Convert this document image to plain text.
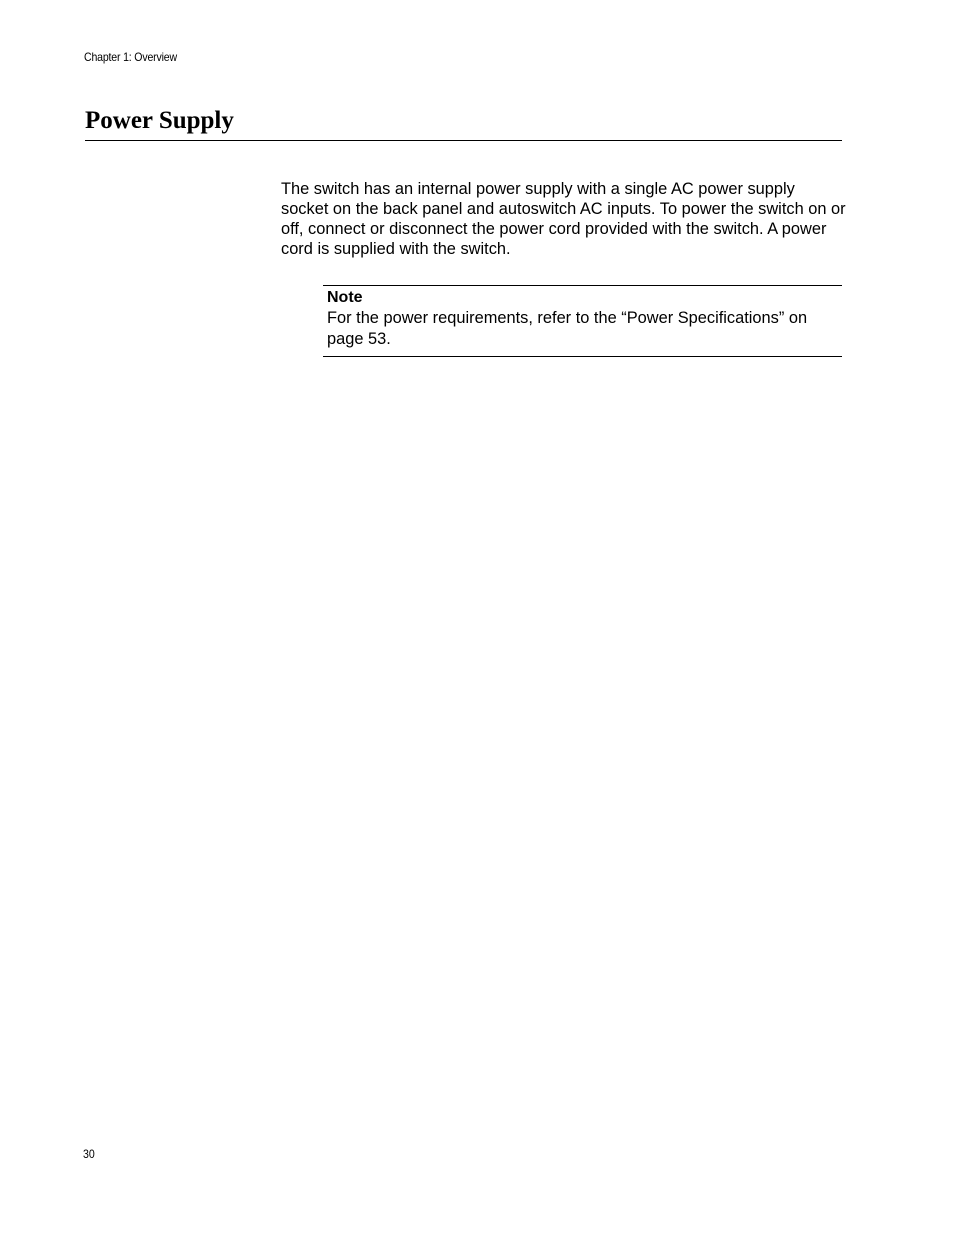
Chapter 1: Overview
Power Supply

The switch has an internal power supply with a single AC power supply socket on the back panel and autoswitch AC inputs. To power the switch on or off, connect or disconnect the power cord provided with the switch. A power cord is supplied with the switch.

Note

For the power requirements, refer to the “Power Specifications” on page 53.

30
